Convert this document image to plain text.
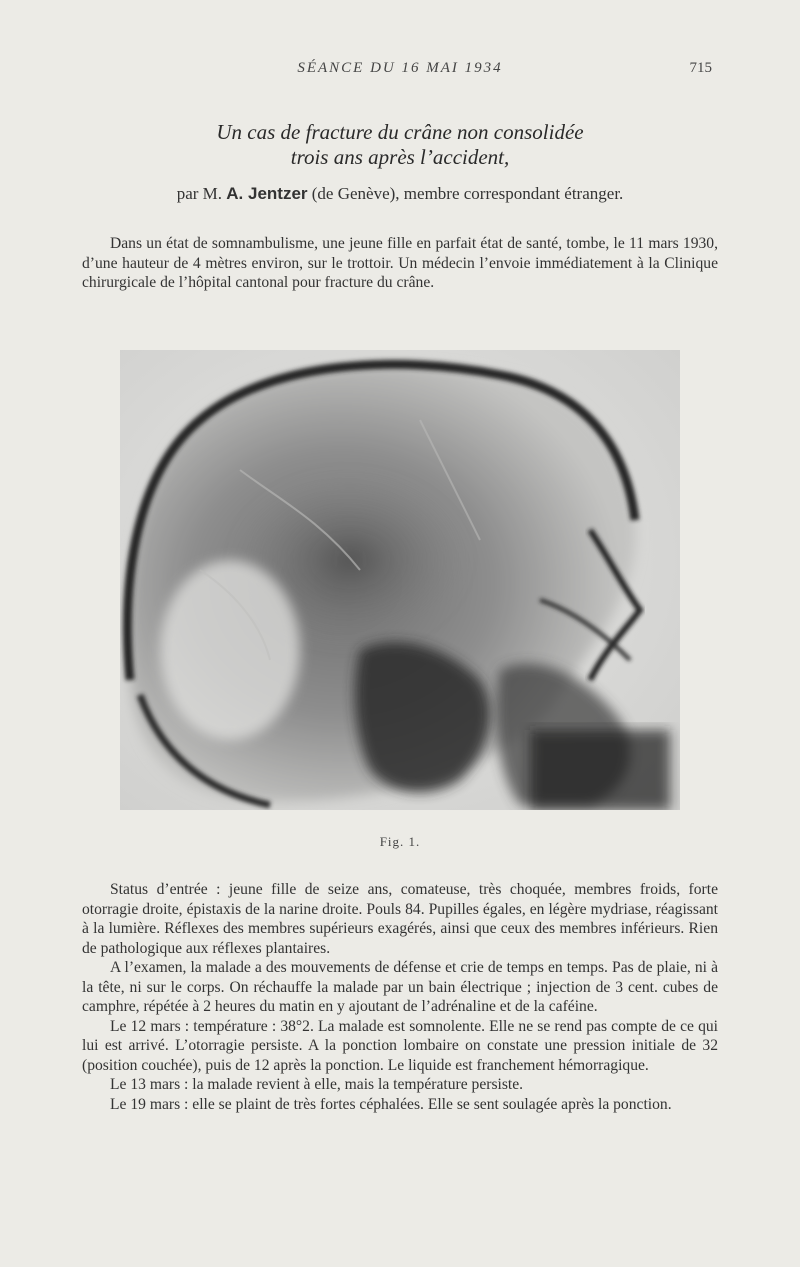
SÉANCE DU 16 MAI 1934	715
Un cas de fracture du crâne non consolidée
trois ans après l’accident,
par M. A. Jentzer (de Genève), membre correspondant étranger.

Dans un état de somnambulisme, une jeune fille en parfait état de santé, tombe, le 11 mars 1930, d’une hauteur de 4 mètres environ, sur le trottoir. Un médecin l’envoie immédiatement à la Clinique chirurgicale de l’hôpital cantonal pour fracture du crâne.

Fig. 1.

Status d’entrée : jeune fille de seize ans, comateuse, très choquée, membres froids, forte otorragie droite, épistaxis de la narine droite. Pouls 84. Pupilles égales, en légère mydriase, réagissant à la lumière. Réflexes des membres supérieurs exagérés, ainsi que ceux des membres inférieurs. Rien de pathologique aux réflexes plantaires.

A l’examen, la malade a des mouvements de défense et crie de temps en temps. Pas de plaie, ni à la tête, ni sur le corps. On réchauffe la malade par un bain électrique ; injection de 3 cent. cubes de camphre, répétée à 2 heures du matin en y ajoutant de l’adrénaline et de la caféine.

Le 12 mars : température : 38°2. La malade est somnolente. Elle ne se rend pas compte de ce qui lui est arrivé. L’otorragie persiste. A la ponction lombaire on constate une pression initiale de 32 (position couchée), puis de 12 après la ponction. Le liquide est franchement hémorragique.

Le 13 mars : la malade revient à elle, mais la température persiste.

Le 19 mars : elle se plaint de très fortes céphalées. Elle se sent soulagée après la ponction.
